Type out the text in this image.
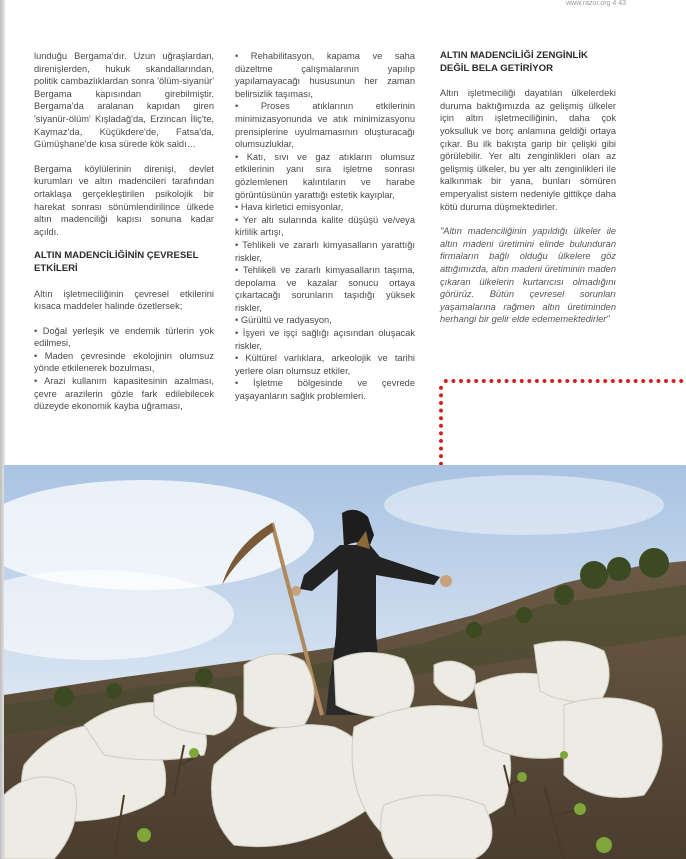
www.razor.org 4 43

lunduğu Bergama'dır. Uzun uğraşlardan, direnişlerden, hukuk skandallarından, politik cambazlıklardan sonra 'ölüm-siyanür' Bergama kapısından girebilmiştir. Bergama'da aralanan kapıdan giren 'siyanür-ölüm' Kışladağ'da, Erzincan İliç'te, Kaymaz'da, Küçükdere'de, Fatsa'da, Gümüşhane'de kısa sürede kök saldı…

Bergama köylülerinin direnişi, devlet kurumları ve altın madencileri tarafından ortaklaşa gerçekleştirilen psikolojik bir harekat sonrası sönümlendirilince ülkede altın madenciliği kapısı sonuna kadar açıldı.

ALTIN MADENCİLİĞİNİN ÇEVRESEL ETKİLERİ

Altın işletmeciliğinin çevresel etkilerini kısaca maddeler halinde özetlersek;

• Doğal yerleşik ve endemik türlerin yok edilmesi,
• Maden çevresinde ekolojinin olumsuz yönde etkilenerek bozulması,
• Arazi kullanım kapasitesinin azalması, çevre arazilerin gözle fark edilebilecek düzeyde ekonomik kayba uğraması,
• Rehabilitasyon, kapama ve saha düzeltme çalışmalarının yapılıp yapılamayacağı hususunun her zaman belirsizlik taşıması,
• Proses atıklarının etkilerinin minimizasyonunda ve atık minimizasyonu prensiplerine uyulmamasının oluşturacağı olumsuzluklar,
• Katı, sıvı ve gaz atıkların olumsuz etkilerinin yanı sıra işletme sonrası gözlemlenen kalıntıların ve harabe görüntüsünün yarattığı estetik kayıplar,
• Hava kirletici emisyonlar,
• Yer altı sularında kalite düşüşü ve/veya kirlilik artışı,
• Tehlikeli ve zararlı kimyasalların yarattığı riskler,
• Tehlikeli ve zararlı kimyasalların taşıma, depolama ve kazalar sonucu ortaya çıkartacağı sorunların taşıdığı yüksek riskler,
• Gürültü ve radyasyon,
• İşyeri ve işçi sağlığı açısından oluşacak riskler,
• Kültürel varlıklara, arkeolojik ve tarihi yerlere olan olumsuz etkiler,
• İşletme bölgesinde ve çevrede yaşayanların sağlık problemleri.
ALTIN MADENCİLİĞİ ZENGİNLİK DEĞİL BELA GETİRİYOR

Altın işletmeciliği dayatılan ülkelerdeki duruma baktığımızda az gelişmiş ülkeler için altın işletmeciliğinin, daha çok yoksulluk ve borç anlamına geldiği ortaya çıkar. Bu ilk bakışta garip bir çelişki gibi görülebilir. Yer altı zenginlikleri olan az gelişmiş ülkeler, bu yer altı zenginlikleri ile kalkınmak bir yana, bunları sömüren emperyalist sistem nedeniyle gittikçe daha kötü duruma düşmektedirler.

"Altın madenciliğinin yapıldığı ülkeler ile altın madeni üretimini elinde bulunduran firmaların bağlı olduğu ülkelere göz attığımızda, altın madeni üretiminin maden çıkaran ülkelerin kurtarıcısı olmadığını görürüz. Bütün çevresel sorunları yaşamalarına rağmen altın üretiminden herhangi bir gelir elde edememektedirler"
